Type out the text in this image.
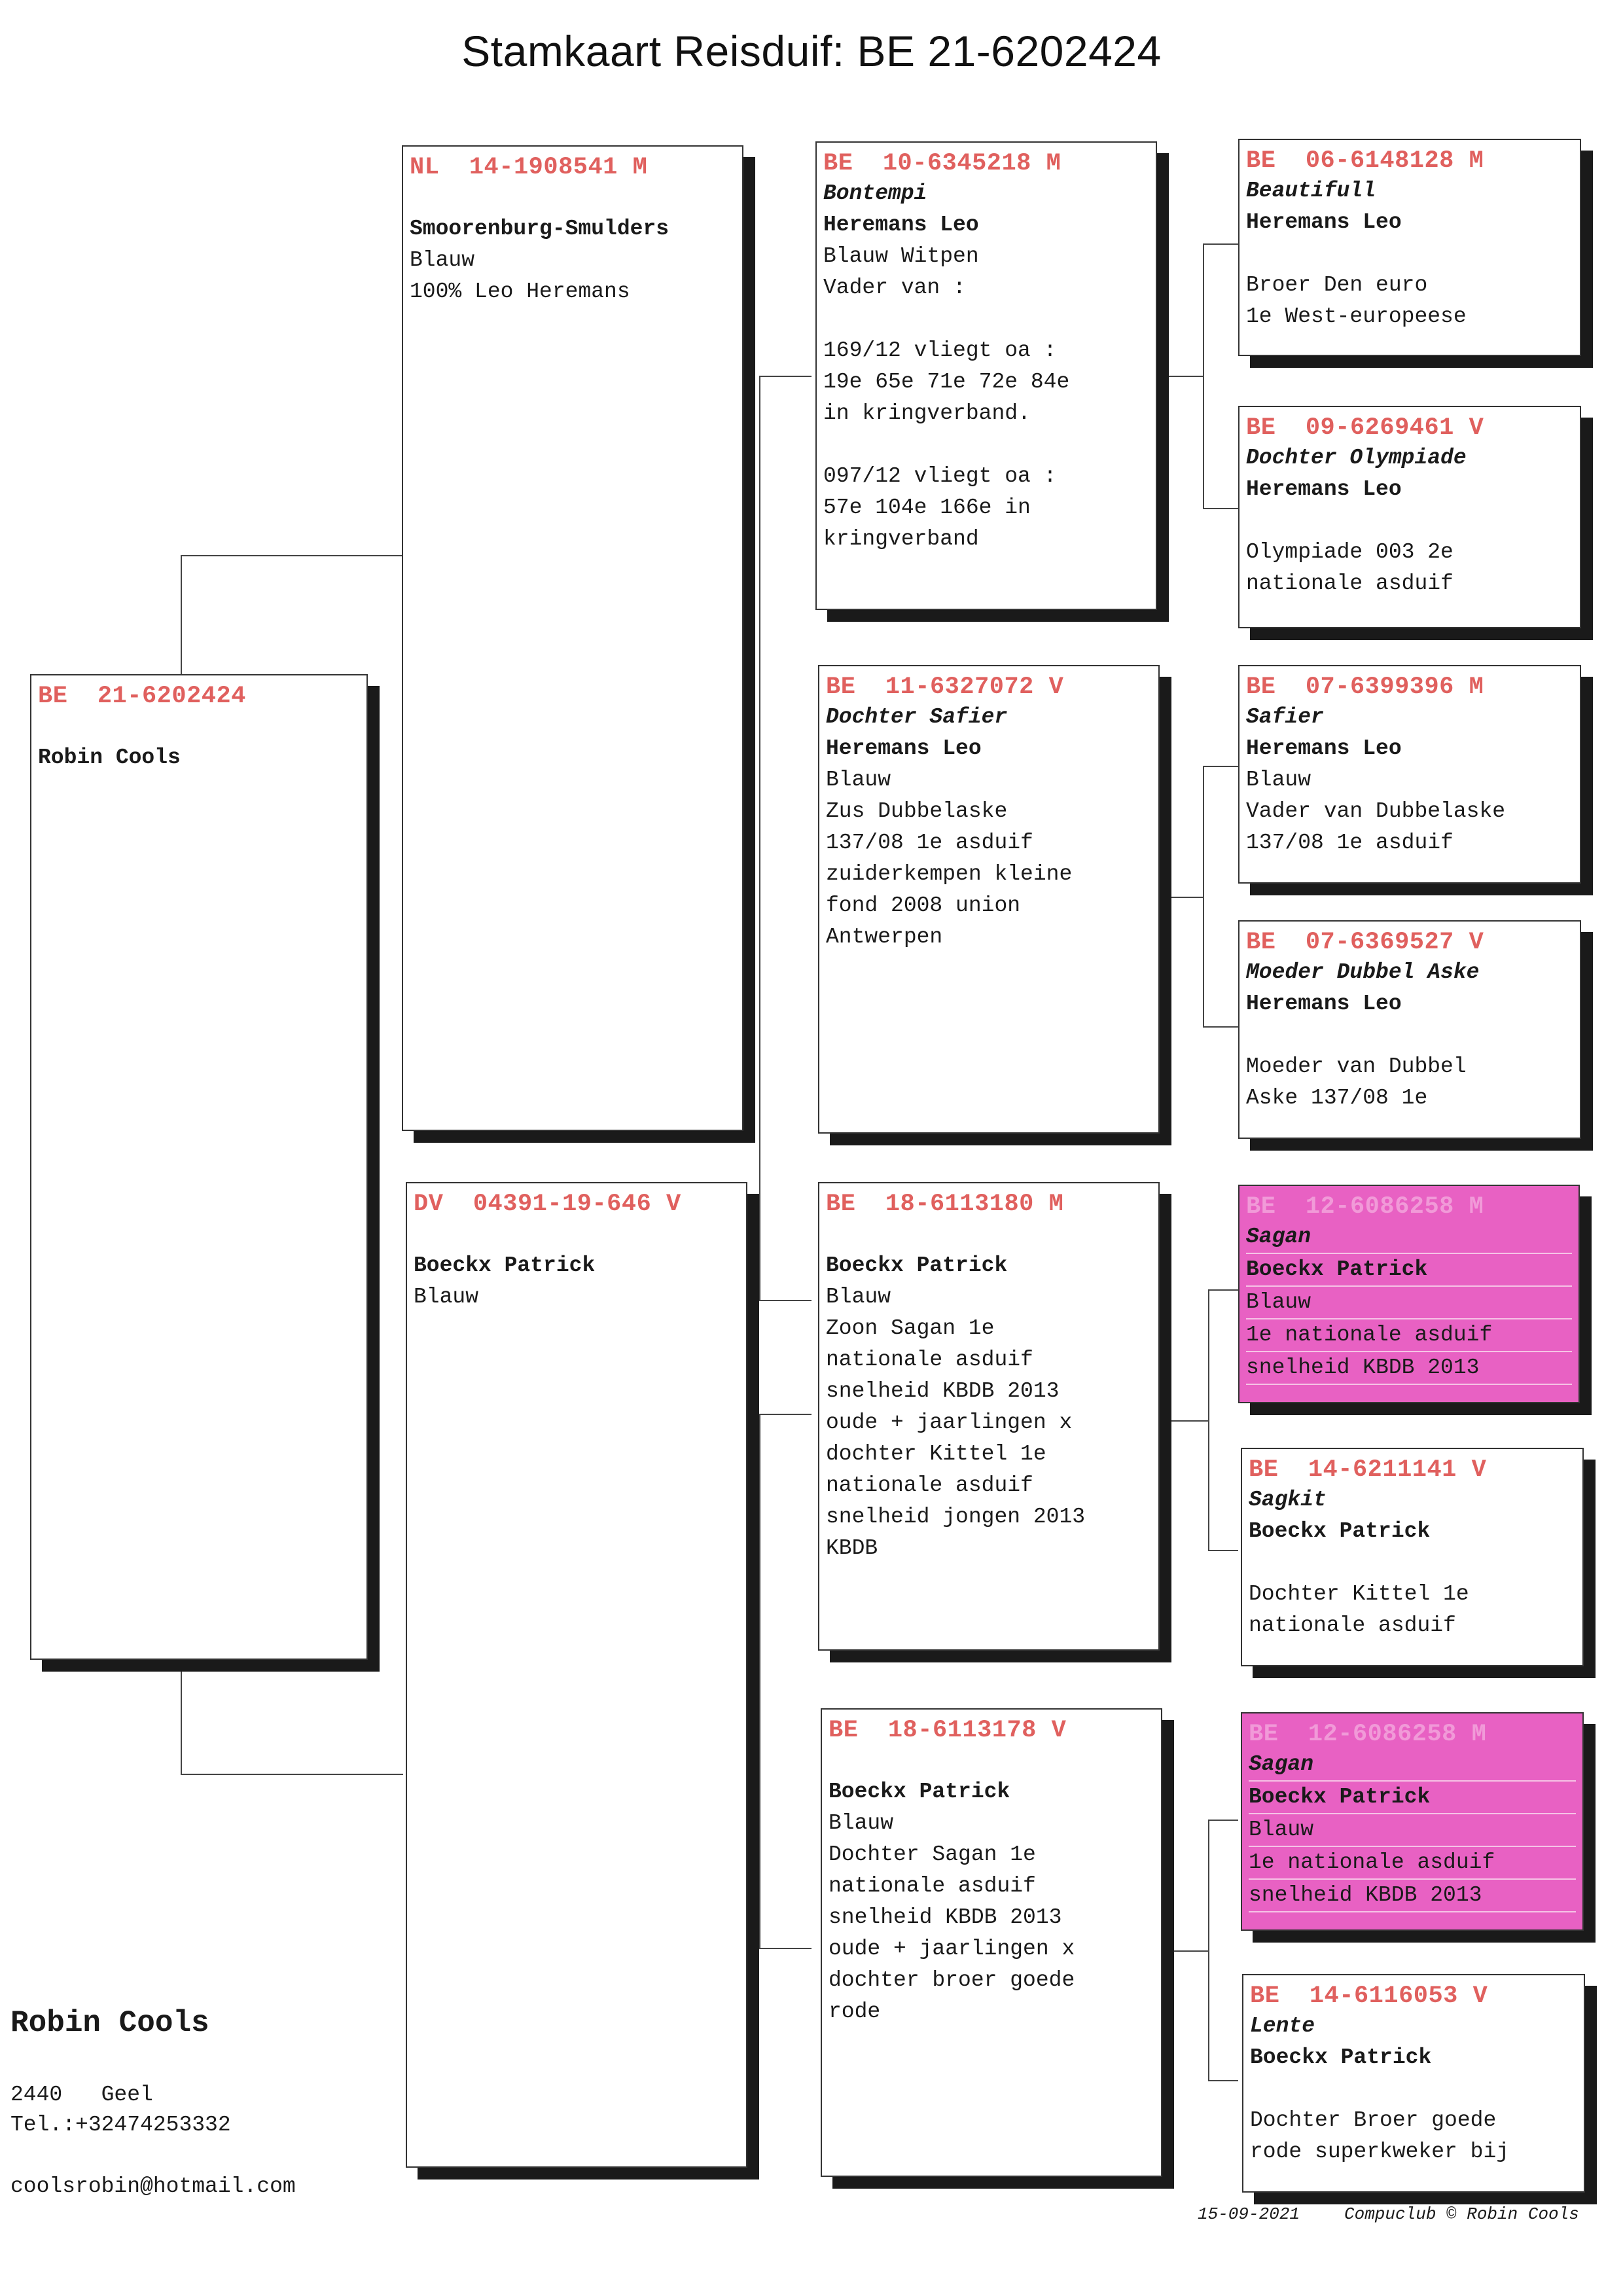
Stamkaart Reisduif: BE 21-6202424
BE 21-6202424
Robin Cools
NL 14-1908541 M
Smoorenburg-Smulders
Blauw
100% Leo Heremans
DV 04391-19-646 V
Boeckx Patrick
Blauw
BE 10-6345218 M
Bontempi
Heremans Leo
Blauw Witpen
Vader van :
169/12 vliegt oa :
19e 65e 71e 72e 84e
in kringverband.
097/12 vliegt oa :
57e 104e 166e in
kringverband
BE 11-6327072 V
Dochter Safier
Heremans Leo
Blauw
Zus Dubbelaske
137/08 1e asduif
zuiderkempen kleine
fond 2008 union
Antwerpen
BE 18-6113180 M
Boeckx Patrick
Blauw
Zoon Sagan 1e
nationale asduif
snelheid KBDB 2013
oude + jaarlingen x
dochter Kittel 1e
nationale asduif
snelheid jongen 2013
KBDB
BE 18-6113178 V
Boeckx Patrick
Blauw
Dochter Sagan 1e
nationale asduif
snelheid KBDB 2013
oude + jaarlingen x
dochter broer goede
rode
BE 06-6148128 M
Beautifull
Heremans Leo
Broer Den euro
1e West-europeese
BE 09-6269461 V
Dochter Olympiade
Heremans Leo
Olympiade 003 2e
nationale asduif
BE 07-6399396 M
Safier
Heremans Leo
Blauw
Vader van Dubbelaske
137/08 1e asduif
BE 07-6369527 V
Moeder Dubbel Aske
Heremans Leo
Moeder van Dubbel
Aske 137/08 1e
BE 12-6086258 M
Sagan
Boeckx Patrick
Blauw
1e nationale asduif
snelheid KBDB 2013
BE 14-6211141 V
Sagkit
Boeckx Patrick
Dochter Kittel 1e
nationale asduif
BE 12-6086258 M
Sagan
Boeckx Patrick
Blauw
1e nationale asduif
snelheid KBDB 2013
BE 14-6116053 V
Lente
Boeckx Patrick
Dochter Broer goede
rode superkweker bij
Robin Cools
2440   Geel
Tel.:+32474253332
coolsrobin@hotmail.com
15-09-2021	Compuclub © Robin Cools
